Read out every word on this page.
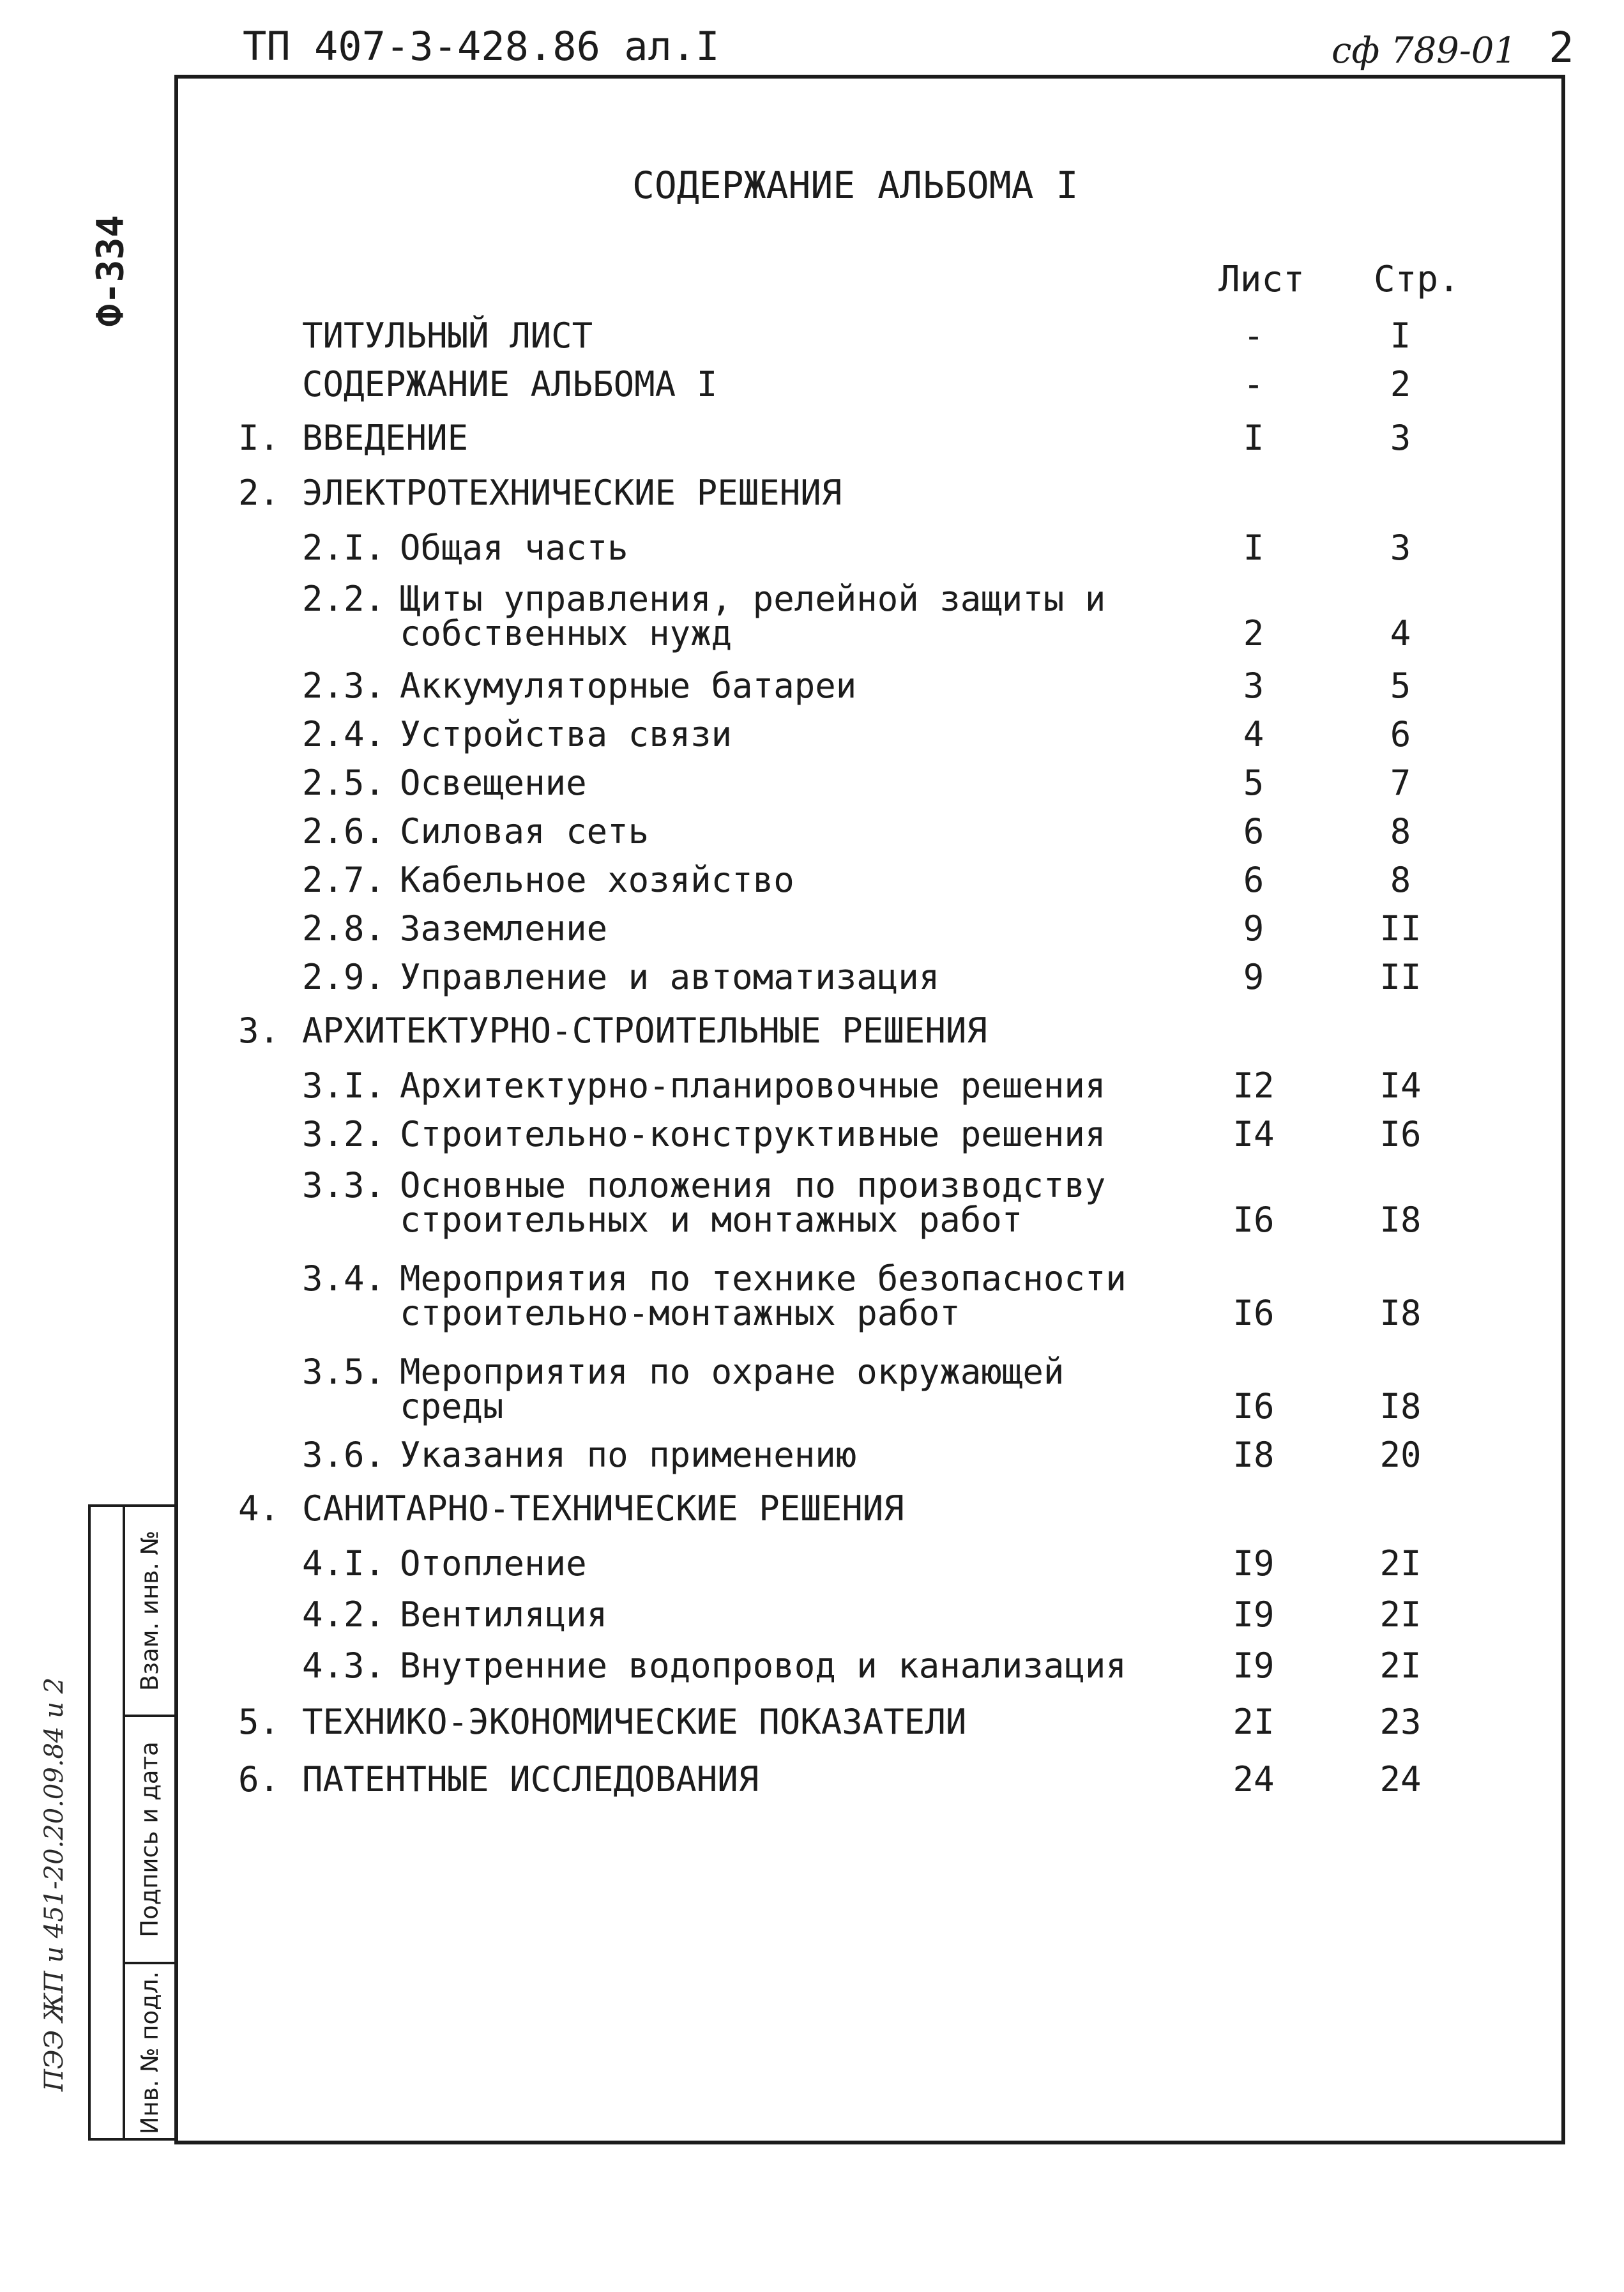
ТП 407-3-428.86 ал.I	сф 789-01 2
Ф-334
ПЭЭ ЖП и 451-20.20.09.84 и 2
Взам. инв. №
Подпись и дата
Инв. № подл.
СОДЕРЖАНИЕ АЛЬБОМА I
Лист Стр.
ТИТУЛЬНЫЙ ЛИСТ	-	I
СОДЕРЖАНИЕ АЛЬБОМА I	-	2
I. ВВЕДЕНИЕ	I	3
2. ЭЛЕКТРОТЕХНИЧЕСКИЕ РЕШЕНИЯ
2.I. Общая часть	I	3
2.2. Щиты управления, релейной защиты и
собственных нужд	2	4
2.3. Аккумуляторные батареи	3	5
2.4. Устройства связи	4	6
2.5. Освещение	5	7
2.6. Силовая сеть	6	8
2.7. Кабельное хозяйство	6	8
2.8. Заземление	9	II
2.9. Управление и автоматизация	9	II
3. АРХИТЕКТУРНО-СТРОИТЕЛЬНЫЕ РЕШЕНИЯ
3.I. Архитектурно-планировочные решения	I2	I4
3.2. Строительно-конструктивные решения	I4	I6
3.3. Основные положения по производству
строительных и монтажных работ	I6	I8
3.4. Мероприятия по технике безопасности
строительно-монтажных работ	I6	I8
3.5. Мероприятия по охране окружающей
среды	I6	I8
3.6. Указания по применению	I8	20
4. САНИТАРНО-ТЕХНИЧЕСКИЕ РЕШЕНИЯ
4.I. Отопление	I9	2I
4.2. Вентиляция	I9	2I
4.3. Внутренние водопровод и канализация	I9	2I
5. ТЕХНИКО-ЭКОНОМИЧЕСКИЕ ПОКАЗАТЕЛИ	2I	23
6. ПАТЕНТНЫЕ ИССЛЕДОВАНИЯ	24	24
